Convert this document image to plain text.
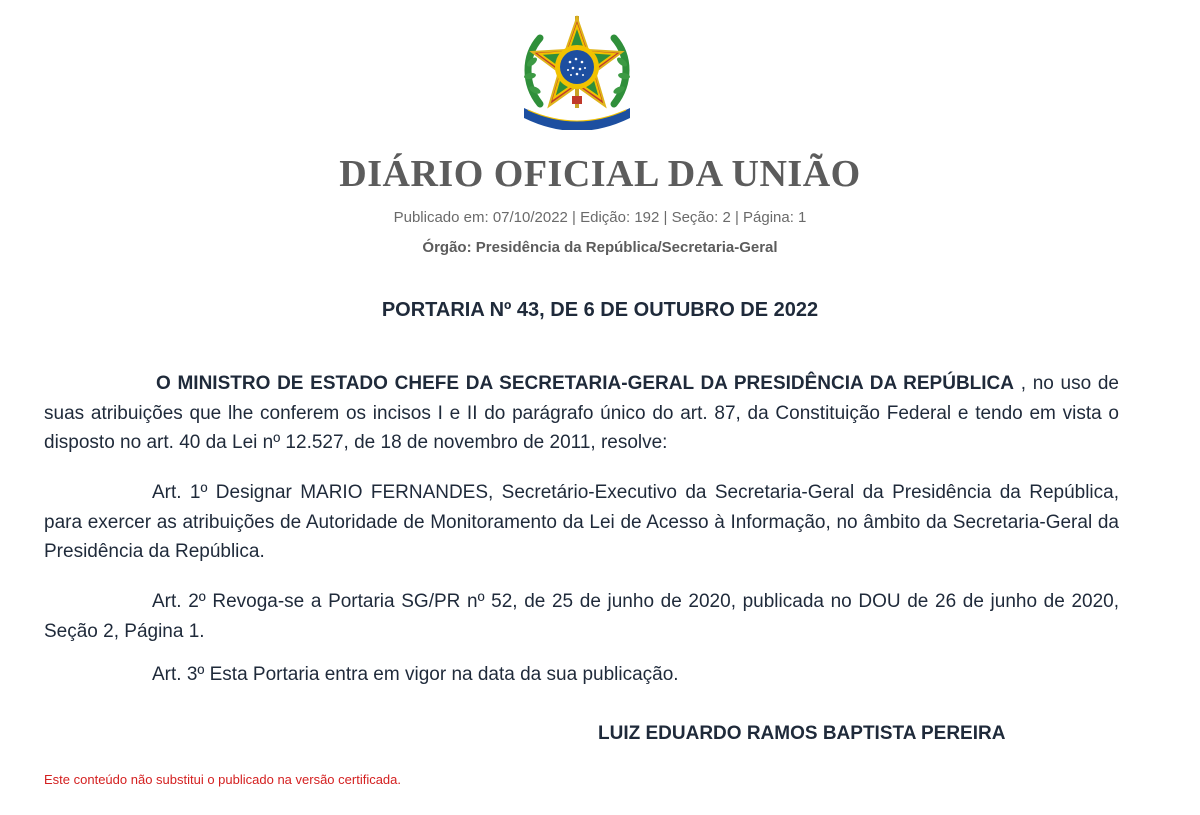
DIÁRIO OFICIAL DA UNIÃO
Publicado em: 07/10/2022 | Edição: 192 | Seção: 2 | Página: 1
Órgão: Presidência da República/Secretaria-Geral
PORTARIA Nº 43, DE 6 DE OUTUBRO DE 2022

O MINISTRO DE ESTADO CHEFE DA SECRETARIA-GERAL DA PRESIDÊNCIA DA REPÚBLICA , no uso de suas atribuições que lhe conferem os incisos I e II do parágrafo único do art. 87, da Constituição Federal e tendo em vista o disposto no art. 40 da Lei nº 12.527, de 18 de novembro de 2011, resolve:

Art. 1º Designar MARIO FERNANDES, Secretário-Executivo da Secretaria-Geral da Presidência da República, para exercer as atribuições de Autoridade de Monitoramento da Lei de Acesso à Informação, no âmbito da Secretaria-Geral da Presidência da República.

Art. 2º Revoga-se a Portaria SG/PR nº 52, de 25 de junho de 2020, publicada no DOU de 26 de junho de 2020, Seção 2, Página 1.

Art. 3º Esta Portaria entra em vigor na data da sua publicação.

LUIZ EDUARDO RAMOS BAPTISTA PEREIRA
Este conteúdo não substitui o publicado na versão certificada.
